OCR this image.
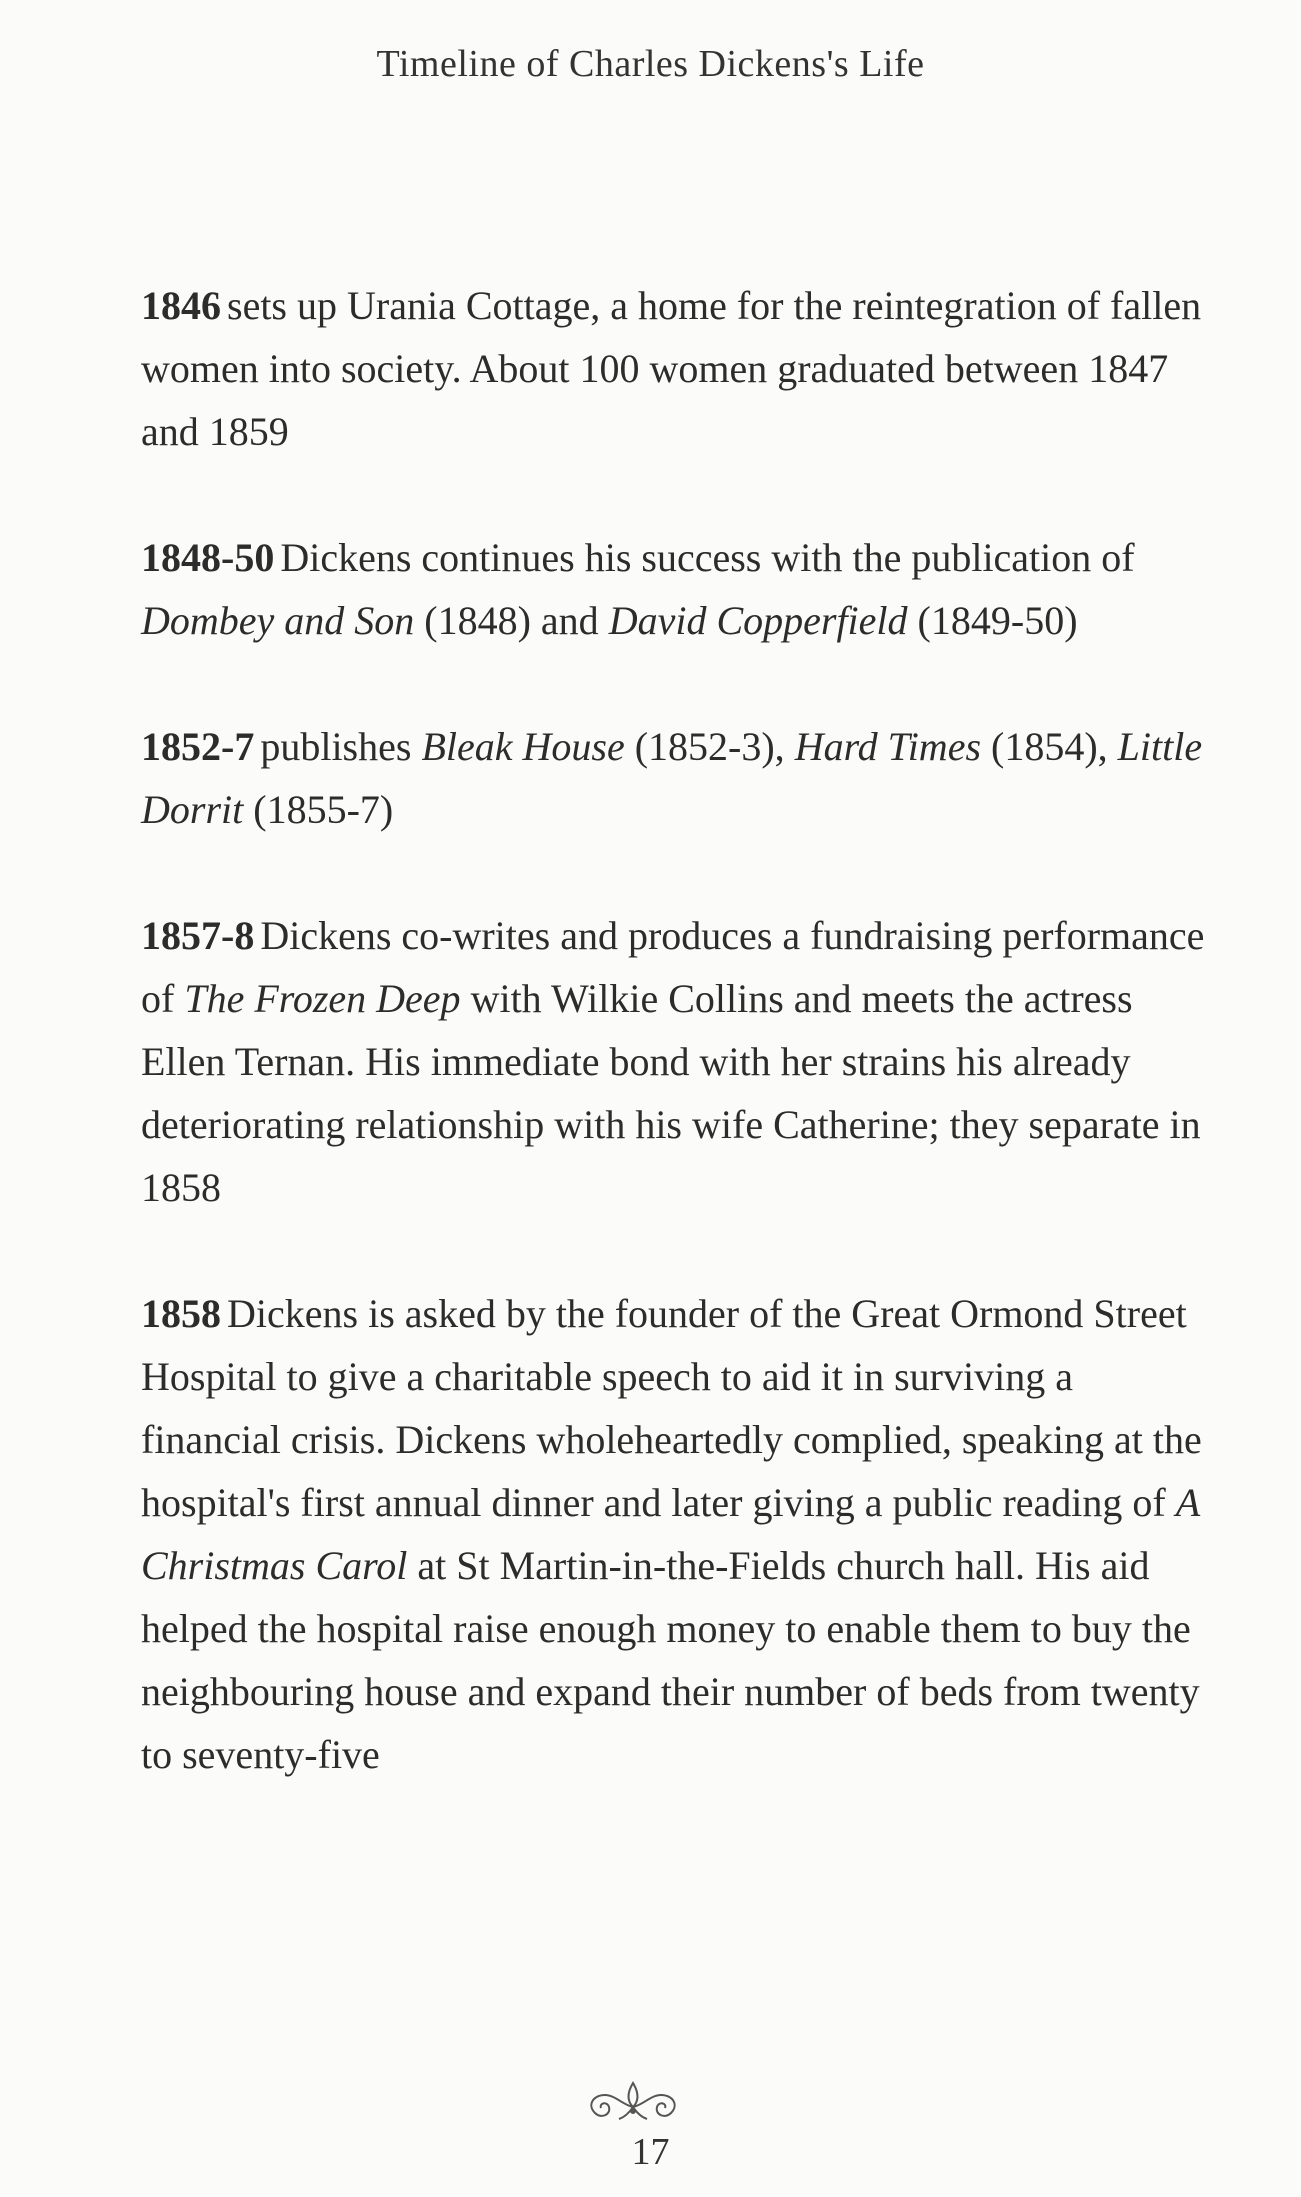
Timeline of Charles Dickens's Life

1846 sets up Urania Cottage, a home for the reintegration of fallen women into society. About 100 women graduated between 1847 and 1859

1848-50 Dickens continues his success with the publication of Dombey and Son (1848) and David Copperfield (1849-50)

1852-7 publishes Bleak House (1852-3), Hard Times (1854), Little Dorrit (1855-7)

1857-8 Dickens co-writes and produces a fundraising performance of The Frozen Deep with Wilkie Collins and meets the actress Ellen Ternan. His immediate bond with her strains his already deteriorating relationship with his wife Catherine; they separate in 1858

1858 Dickens is asked by the founder of the Great Ormond Street Hospital to give a charitable speech to aid it in surviving a financial crisis. Dickens wholeheartedly complied, speaking at the hospital's first annual dinner and later giving a public reading of A Christmas Carol at St Martin-in-the-Fields church hall. His aid helped the hospital raise enough money to enable them to buy the neighbouring house and expand their number of beds from twenty to seventy-five

17
